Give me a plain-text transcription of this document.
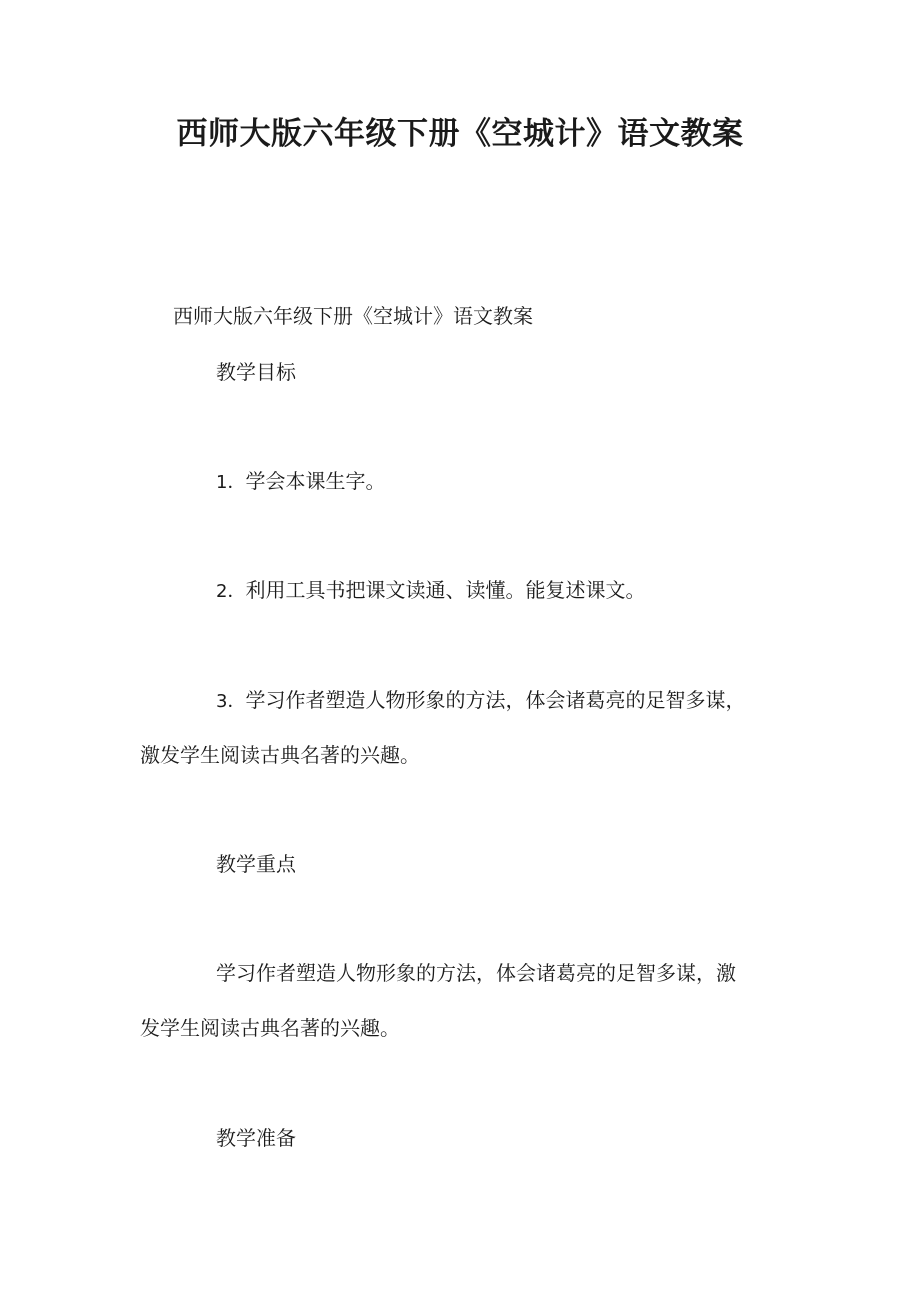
西师大版六年级下册《空城计》语文教案
西师大版六年级下册《空城计》语文教案
教学目标
1．学会本课生字。
2．利用工具书把课文读通、读懂。能复述课文。
3．学习作者塑造人物形象的方法，体会诸葛亮的足智多谋，
激发学生阅读古典名著的兴趣。
教学重点
学习作者塑造人物形象的方法，体会诸葛亮的足智多谋，激
发学生阅读古典名著的兴趣。
教学准备
